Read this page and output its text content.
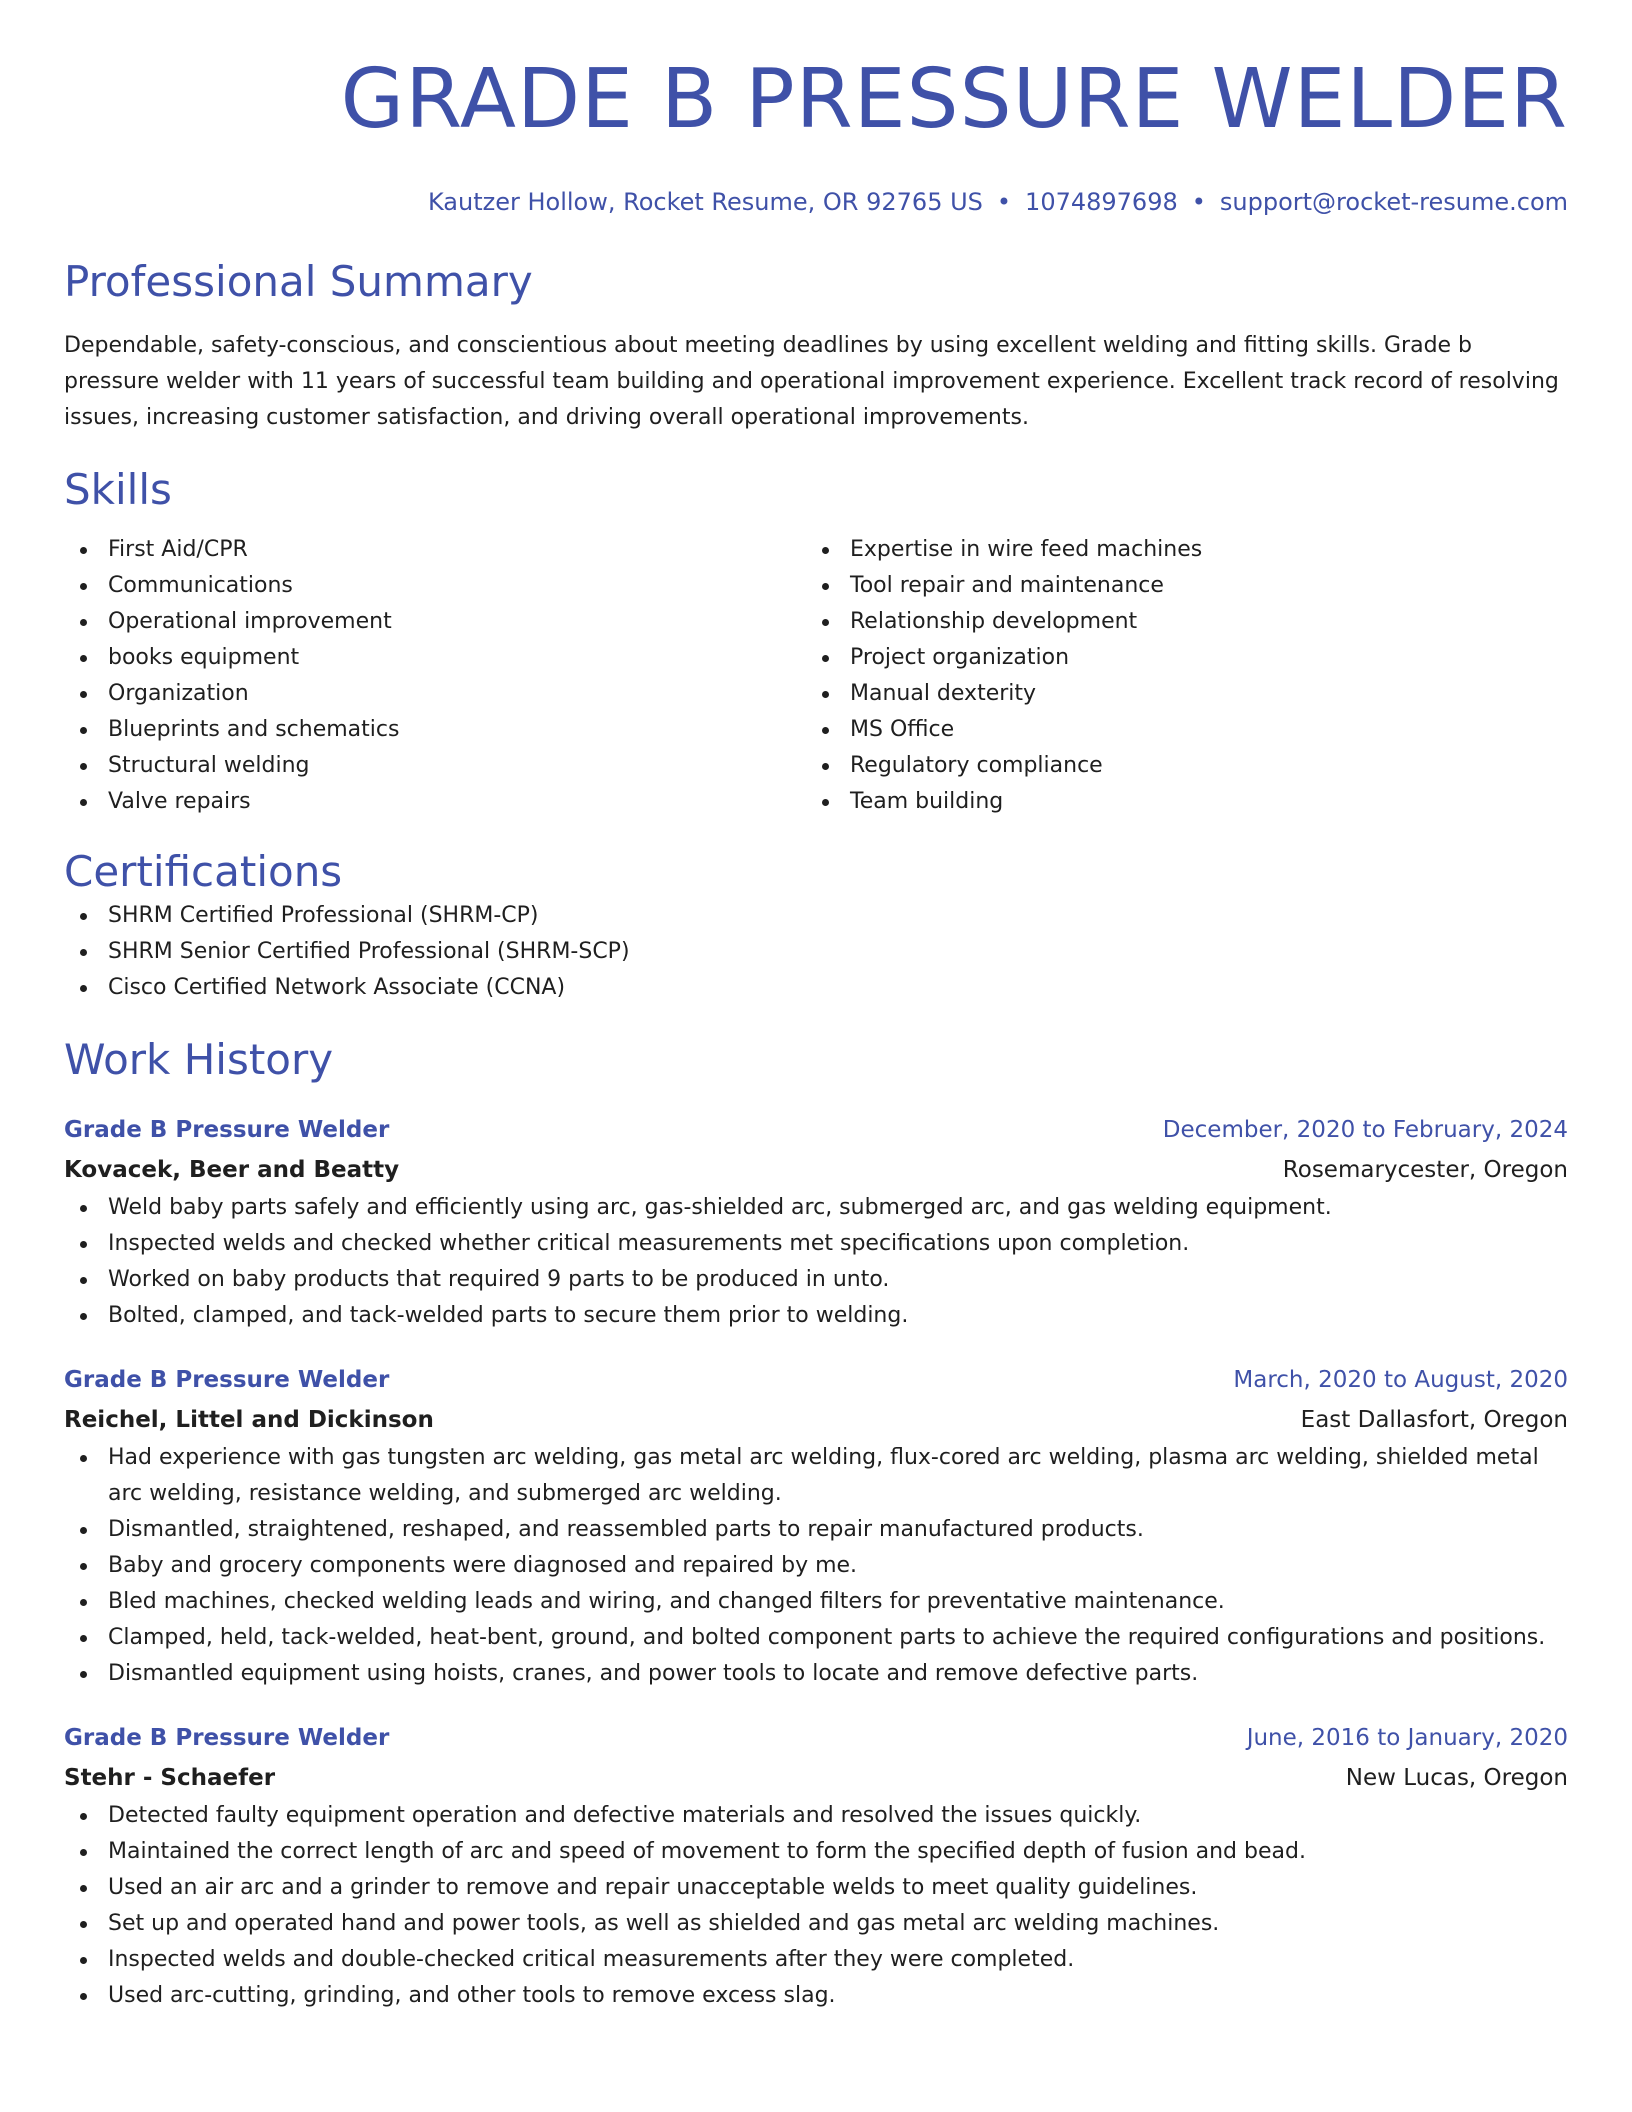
GRADE B PRESSURE WELDER
Kautzer Hollow, Rocket Resume, OR 92765 US • 1074897698 • support@rocket-resume.com
Professional Summary

Dependable, safety-conscious, and conscientious about meeting deadlines by using excellent welding and fitting skills. Grade b pressure welder with 11 years of successful team building and operational improvement experience. Excellent track record of resolving issues, increasing customer satisfaction, and driving overall operational improvements.

Skills
First Aid/CPR
Communications
Operational improvement
books equipment
Organization
Blueprints and schematics
Structural welding
Valve repairs
Expertise in wire feed machines
Tool repair and maintenance
Relationship development
Project organization
Manual dexterity
MS Office
Regulatory compliance
Team building
Certifications
SHRM Certified Professional (SHRM-CP)
SHRM Senior Certified Professional (SHRM-SCP)
Cisco Certified Network Associate (CCNA)
Work History
Grade B Pressure Welder	December, 2020 to February, 2024
Kovacek, Beer and Beatty	Rosemarycester, Oregon
Weld baby parts safely and efficiently using arc, gas-shielded arc, submerged arc, and gas welding equipment.
Inspected welds and checked whether critical measurements met specifications upon completion.
Worked on baby products that required 9 parts to be produced in unto.
Bolted, clamped, and tack-welded parts to secure them prior to welding.
Grade B Pressure Welder	March, 2020 to August, 2020
Reichel, Littel and Dickinson	East Dallasfort, Oregon
Had experience with gas tungsten arc welding, gas metal arc welding, flux-cored arc welding, plasma arc welding, shielded metal arc welding, resistance welding, and submerged arc welding.
Dismantled, straightened, reshaped, and reassembled parts to repair manufactured products.
Baby and grocery components were diagnosed and repaired by me.
Bled machines, checked welding leads and wiring, and changed filters for preventative maintenance.
Clamped, held, tack-welded, heat-bent, ground, and bolted component parts to achieve the required configurations and positions.
Dismantled equipment using hoists, cranes, and power tools to locate and remove defective parts.
Grade B Pressure Welder	June, 2016 to January, 2020
Stehr - Schaefer	New Lucas, Oregon
Detected faulty equipment operation and defective materials and resolved the issues quickly.
Maintained the correct length of arc and speed of movement to form the specified depth of fusion and bead.
Used an air arc and a grinder to remove and repair unacceptable welds to meet quality guidelines.
Set up and operated hand and power tools, as well as shielded and gas metal arc welding machines.
Inspected welds and double-checked critical measurements after they were completed.
Used arc-cutting, grinding, and other tools to remove excess slag.
